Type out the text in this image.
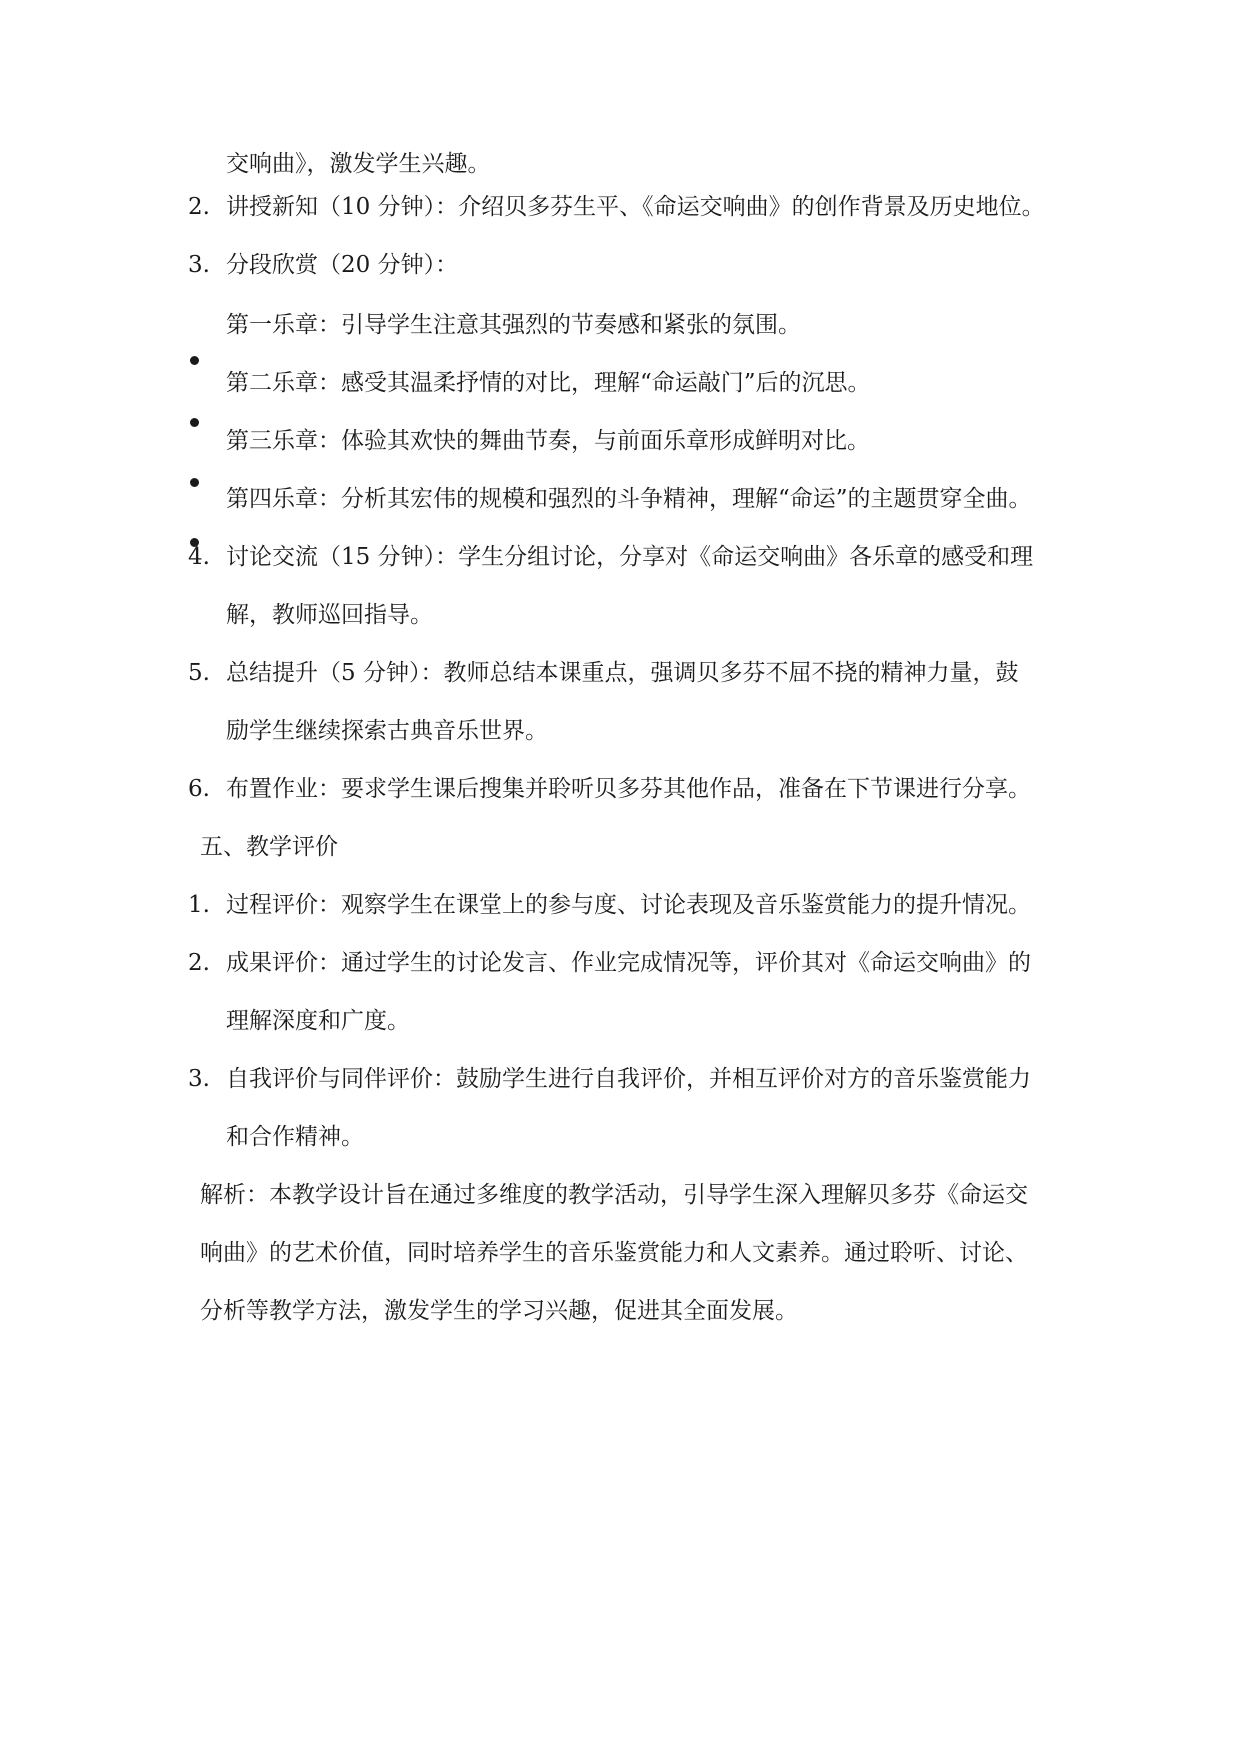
交响曲》，激发学生兴趣。
2. 讲授新知（10 分钟）：介绍贝多芬生平、《命运交响曲》的创作背景及历史地位。
3. 分段欣赏（20 分钟）：
第一乐章：引导学生注意其强烈的节奏感和紧张的氛围。
第二乐章：感受其温柔抒情的对比，理解“命运敲门”后的沉思。
第三乐章：体验其欢快的舞曲节奏，与前面乐章形成鲜明对比。
第四乐章：分析其宏伟的规模和强烈的斗争精神，理解“命运”的主题贯穿全曲。
4. 讨论交流（15 分钟）：学生分组讨论，分享对《命运交响曲》各乐章的感受和理
解，教师巡回指导。
5. 总结提升（5 分钟）：教师总结本课重点，强调贝多芬不屈不挠的精神力量，鼓
励学生继续探索古典音乐世界。
6. 布置作业：要求学生课后搜集并聆听贝多芬其他作品，准备在下节课进行分享。
五、教学评价
1. 过程评价：观察学生在课堂上的参与度、讨论表现及音乐鉴赏能力的提升情况。
2. 成果评价：通过学生的讨论发言、作业完成情况等，评价其对《命运交响曲》的
理解深度和广度。
3. 自我评价与同伴评价：鼓励学生进行自我评价，并相互评价对方的音乐鉴赏能力
和合作精神。
解析：本教学设计旨在通过多维度的教学活动，引导学生深入理解贝多芬《命运交
响曲》的艺术价值，同时培养学生的音乐鉴赏能力和人文素养。通过聆听、讨论、
分析等教学方法，激发学生的学习兴趣，促进其全面发展。
